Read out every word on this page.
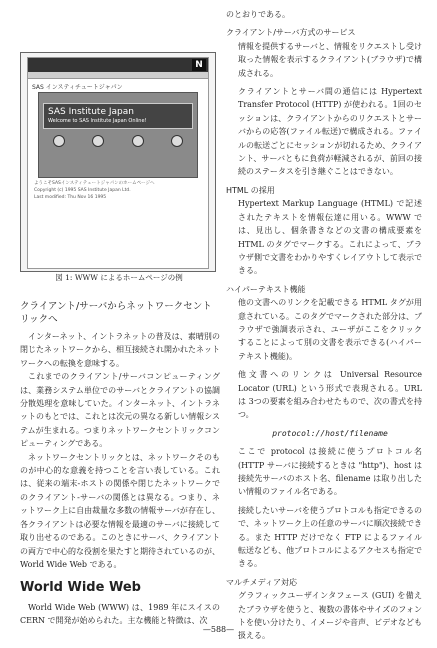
N
SAS インスティチュートジャパン
SAS Institute Japan
Welcome to SAS Institute Japan Online!
ようこそSASインスティテュートジャパンのホームページへ
Copyright (c) 1995 SAS Institute Japan Ltd.
Last modified: Thu Nov 16 1995
図 1: WWW によるホームページの例
クライアント/サーバからネットワークセントリックへ

インターネット、イントラネットの普及は、素晴別の閉じたネットワークから、相互接続され開かれたネットワークへの転換を意味する。

これまでのクライアント/サーバコンピューティングは、業務システム単位でのサーバとクライアントの協調分散処理を意味していた。インターネット、イントラネットのもとでは、これとは次元の異なる新しい情報システムが生まれる。つまりネットワークセントリックコンピューティングである。

ネットワークセントリックとは、ネットワークそのものが中心的な意義を持つことを言い表している。これは、従来の端末-ホストの関係や閉じたネットワークでのクライアント-サーバの関係とは異なる。つまり、ネットワーク上に自由裁量な多数の情報サーバが存在し、各クライアントは必要な情報を最適のサーバに接続して取り出せるのである。このときにサーバ、クライアントの両方で中心的な役割を果たすと期待されているのが、World Wide Web である。

World Wide Web

World Wide Web (WWW) は、1989 年にスイスの CERN で開発が始められた。主な機能と特徴は、次

のとおりである。
クライアント/サーバ方式のサービス

情報を提供するサーバと、情報をリクエストし受け取った情報を表示するクライアント(ブラウザ)で構成される。

クライアントとサーバ間の通信には Hypertext Transfer Protocol (HTTP) が使われる。1回のセッションは、クライアントからのリクエストとサーバからの応答(ファイル転送)で構成される。ファイルの転送ごとにセッションが切れるため、クライアント、サーバともに負荷が軽減されるが、前回の接続のステータスを引き継ぐことはできない。

HTML の採用

Hypertext Markup Language (HTML) で記述されたテキストを情報伝達に用いる。WWW では、見出し、個条書きなどの文書の構成要素を HTML のタグでマークする。これによって、ブラウザ側で文書をわかりやすくレイアウトして表示できる。

ハイパーテキスト機能

他の文書へのリンクを記載できる HTML タグが用意されている。このタグでマークされた部分は、ブラウザで強調表示され、ユーザがここをクリックすることによって別の文書を表示できる(ハイパーテキスト機能)。

他文書へのリンクは Universal Resource Locator (URL) という形式で表現される。URL は 3つの要素を組み合わせたもので、次の書式を持つ。

protocol://host/filename

ここで protocol は接続に使うプロトコル名 (HTTP サーバに接続するときは "http")、host は接続先サーバのホスト名、filename は取り出したい情報のファイル名である。

接続したいサーバを使うプロトコルも指定できるので、ネットワーク上の任意のサーバに順次接続できる。また HTTP だけでなく FTP によるファイル転送なども、他プロトコルによるアクセスも指定できる。

マルチメディア対応

グラフィックユーザインタフェース (GUI) を備えたブラウザを使うと、複数の書体やサイズのフォントを使い分けたり、イメージや音声、ビデオなども扱える。

—588—
